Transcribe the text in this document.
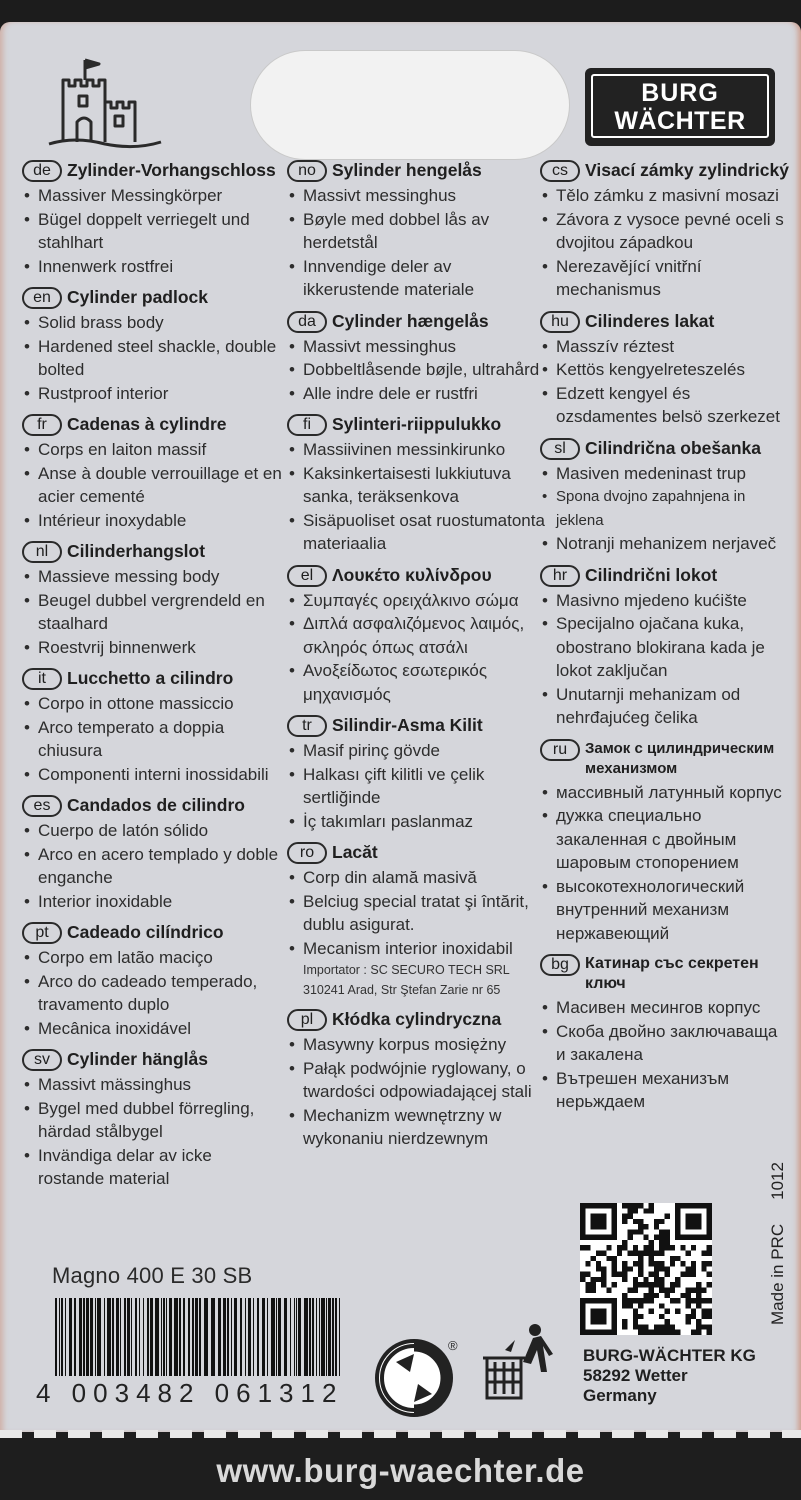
BURG
WÄCHTER
de Zylinder-Vorhangschloss
• Massiver Messingkörper
• Bügel doppelt verriegelt und stahlhart
• Innenwerk rostfrei
en Cylinder padlock
• Solid brass body
• Hardened steel shackle, double bolted
• Rustproof interior
fr	Cadenas à cylindre
• Corps en laiton massif
• Anse à double verrouillage et en acier cementé
• Intérieur inoxydable
nl	Cilinderhangslot
• Massieve messing body
• Beugel dubbel vergrendeld en staalhard
• Roestvrij binnenwerk
it	Lucchetto a cilindro
• Corpo in ottone massiccio
• Arco temperato a doppia chiusura
• Componenti interni inossidabili
es Candados de cilindro
• Cuerpo de latón sólido
• Arco en acero templado y doble enganche
• Interior inoxidable
pt	Cadeado cilíndrico
• Corpo em latão maciço
• Arco do cadeado temperado, travamento duplo
• Mecânica inoxidável
sv Cylinder hänglås
• Massivt mässinghus
• Bygel med dubbel förregling, härdad stålbygel
• Invändiga delar av icke rostande material
no Sylinder hengelås
• Massivt messinghus
• Bøyle med dobbel lås av herdetstål
• Innvendige deler av ikkerustende materiale
da Cylinder hængelås
• Massivt messinghus
• Dobbeltlåsende bøjle, ultrahård
• Alle indre dele er rustfri
fi	Sylinteri-riippulukko
• Massiivinen messinkirunko
• Kaksinkertaisesti lukkiutuva sanka, teräksenkova
• Sisäpuoliset osat ruostumatonta materiaalia
el	Λουκέτο κυλίνδρου
• Συμπαγές ορειχάλκινο σώμα
• Διπλά ασφαλιζόμενος λαιμός, σκληρός όπως ατσάλι
• Ανοξείδωτος εσωτερικός μηχανισμός
tr	Silindir-Asma Kilit
• Masif pirinç gövde
• Halkası çift kilitli ve çelik sertliğinde
• İç takımları paslanmaz
ro	Lacăt
• Corp din alamă masivă
• Belciug special tratat şi întărit, dublu asigurat.
• Mecanism interior inoxidabil
Importator : SC SECURO TECH SRL
310241 Arad, Str Ştefan Zarie nr 65
pl	Kłódka cylindryczna
• Masywny korpus mosiężny
• Pałąk podwójnie ryglowany, o twardości odpowiadającej stali
• Mechanizm wewnętrzny w wykonaniu nierdzewnym
cs Visací zámky zylindrický
• Tělo zámku z masivní mosazi
• Závora z vysoce pevné oceli s dvojitou západkou
• Nerezavějící vnitřní mechanismus
hu Cilinderes lakat
• Masszív réztest
• Kettös kengyelreteszelés
• Edzett kengyel és ozsdamentes belsö szerkezet
sl	Cilindrična obešanka
• Masiven medeninast trup
• Spona dvojno zapahnjena in jeklena
• Notranji mehanizem nerjaveč
hr	Cilindrični lokot
• Masivno mjedeno kućište
• Specijalno ojačana kuka, obostrano blokirana kada je lokot zaključan
• Unutarnji mehanizam od nehrđajućeg čelika
ru	Замок с цилиндрическим механизмом
• массивный латунный корпус
• дужка специально закаленная с двойным шаровым стопорением
• высокотехнологический внутренний механизм нержавеющий
bg	Катинар със секретен ключ
• Масивен месингов корпус
• Скоба двойно заключаваща и закалена
• Вътрешен механизъм нерьждаем
Magno 400 E 30 SB
4 003482 061312
®
Made in PRC1012
BURG-WÄCHTER KG
58292 Wetter
Germany
www.burg-waechter.de
